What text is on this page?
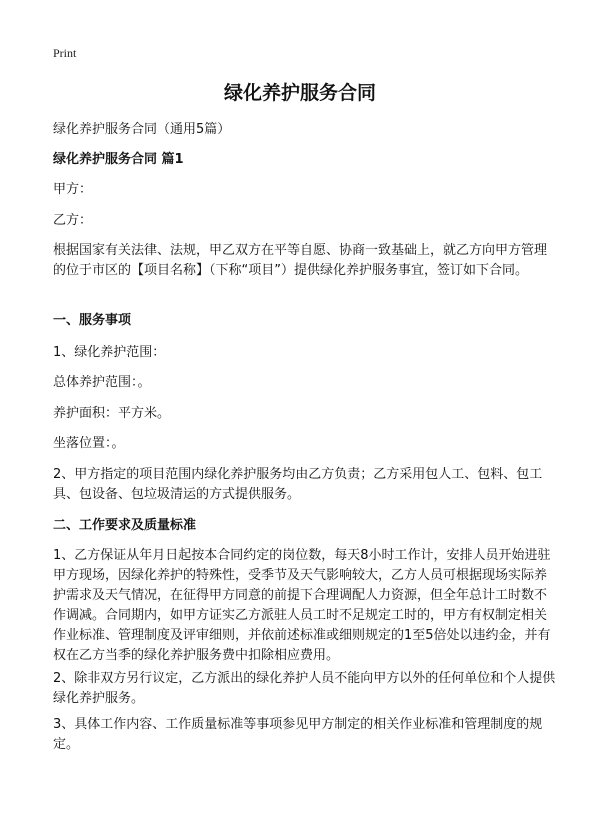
Print
绿化养护服务合同
绿化养护服务合同（通用5篇）
绿化养护服务合同 篇1
甲方：
乙方：
根据国家有关法律、法规，甲乙双方在平等自愿、协商一致基础上，就乙方向甲方管理的位于市区的【项目名称】（下称“项目”）提供绿化养护服务事宜，签订如下合同。
一、服务事项
1、绿化养护范围：
总体养护范围：。
养护面积：平方米。
坐落位置：。
2、甲方指定的项目范围内绿化养护服务均由乙方负责；乙方采用包人工、包料、包工具、包设备、包垃圾清运的方式提供服务。
二、工作要求及质量标准
1、乙方保证从年月日起按本合同约定的岗位数，每天8小时工作计，安排人员开始进驻甲方现场，因绿化养护的特殊性，受季节及天气影响较大，乙方人员可根据现场实际养护需求及天气情况，在征得甲方同意的前提下合理调配人力资源，但全年总计工时数不作调减。合同期内，如甲方证实乙方派驻人员工时不足规定工时的，甲方有权制定相关作业标准、管理制度及评审细则，并依前述标准或细则规定的1至5倍处以违约金，并有权在乙方当季的绿化养护服务费中扣除相应费用。
2、除非双方另行议定，乙方派出的绿化养护人员不能向甲方以外的任何单位和个人提供绿化养护服务。
3、具体工作内容、工作质量标准等事项参见甲方制定的相关作业标准和管理制度的规定。
